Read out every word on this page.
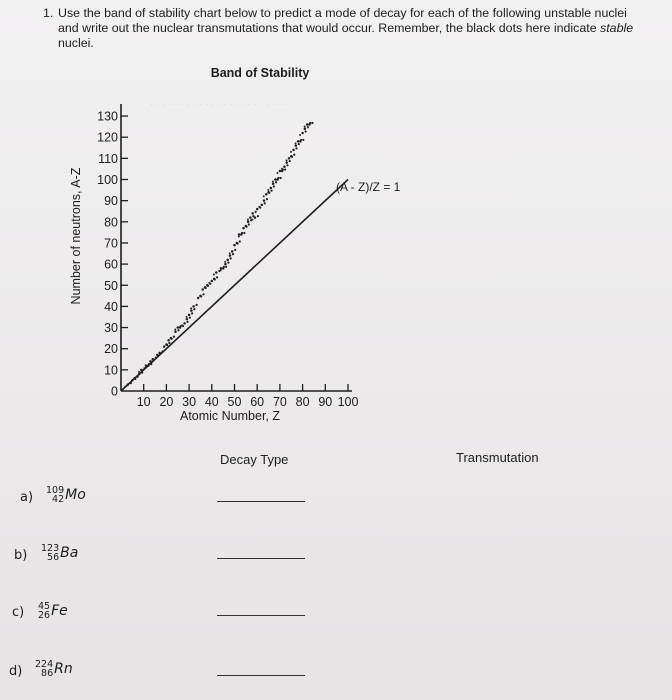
1. Use the band of stability chart below to predict a mode of decay for each of the following unstable nuclei and write out the nuclear transmutations that would occur. Remember, the black dots here indicate stable nuclei.
. . . . . . . . . . . . . . . . . . . . . . .
Band of Stability
0
10
20
30
40
50
60
70
80
90
100
110
120
130
10 20 30 40 50 60 70 80 90 100
(A - Z)/Z = 1
Atomic Number, Z
Number of neutrons, A-Z
Decay Type	Transmutation
a) 109
42 Mo
b) 123
56 Ba
c) 45
26 Fe
d) 224
86 Rn
